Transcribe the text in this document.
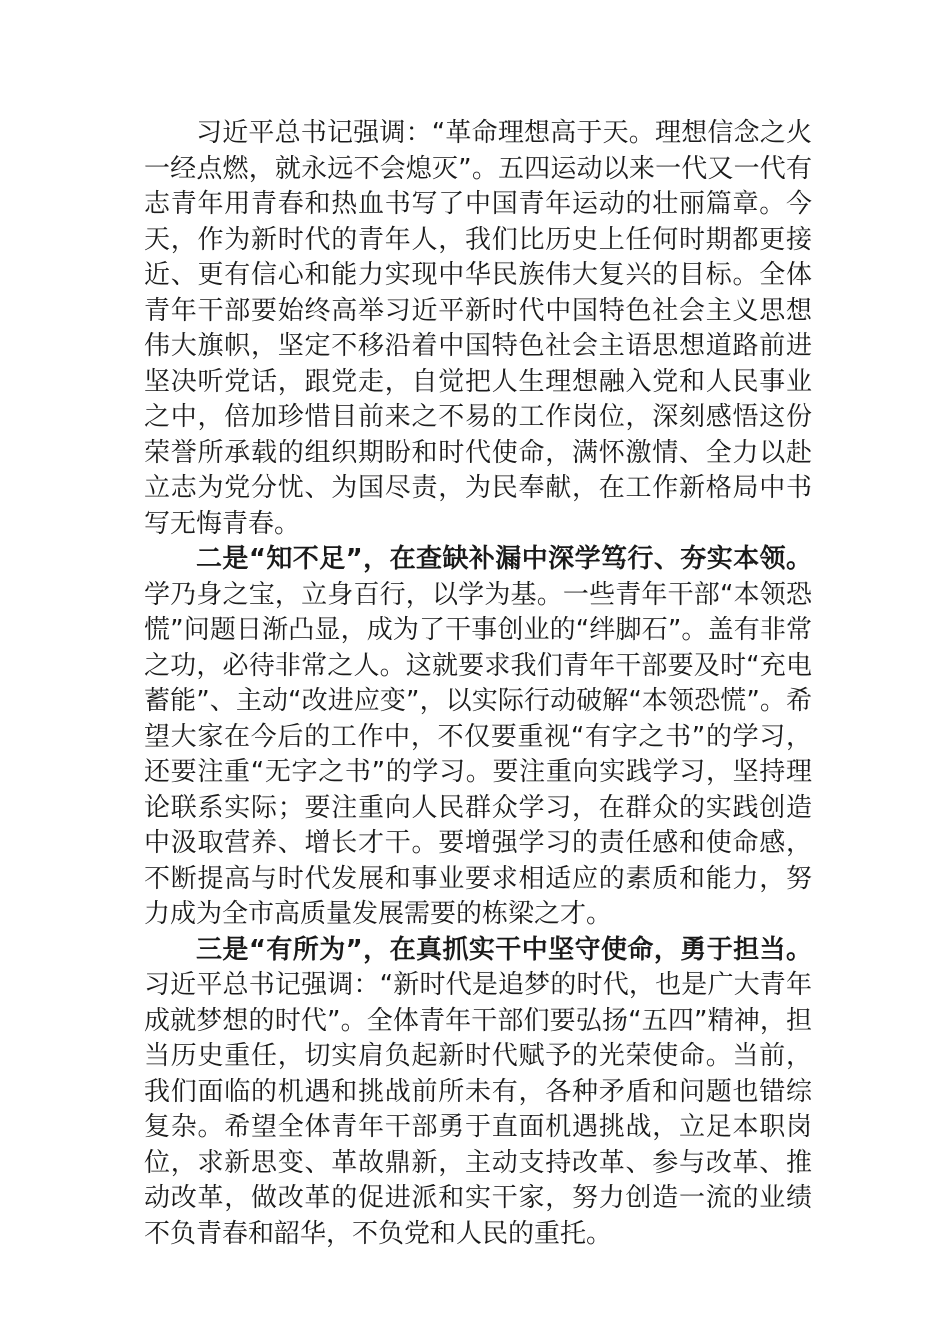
习近平总书记强调：“革命理想高于天。理想信念之火一经点燃，就永远不会熄灭”。五四运动以来一代又一代有志青年用青春和热血书写了中国青年运动的壮丽篇章。今天，作为新时代的青年人，我们比历史上任何时期都更接近、更有信心和能力实现中华民族伟大复兴的目标。全体青年干部要始终高举习近平新时代中国特色社会主义思想伟大旗帜，坚定不移沿着中国特色社会主语思想道路前进坚决听党话，跟党走，自觉把人生理想融入党和人民事业之中，倍加珍惜目前来之不易的工作岗位，深刻感悟这份荣誉所承载的组织期盼和时代使命，满怀激情、全力以赴立志为党分忧、为国尽责，为民奉献，在工作新格局中书写无悔青春。

二是“知不足”，在查缺补漏中深学笃行、夯实本领。学乃身之宝，立身百行，以学为基。一些青年干部“本领恐慌”问题日渐凸显，成为了干事创业的“绊脚石”。盖有非常之功，必待非常之人。这就要求我们青年干部要及时“充电蓄能”、主动“改进应变”，以实际行动破解“本领恐慌”。希望大家在今后的工作中，不仅要重视“有字之书”的学习，还要注重“无字之书”的学习。要注重向实践学习，坚持理论联系实际；要注重向人民群众学习，在群众的实践创造中汲取营养、增长才干。要增强学习的责任感和使命感，不断提高与时代发展和事业要求相适应的素质和能力，努力成为全市高质量发展需要的栋梁之才。

三是“有所为”，在真抓实干中坚守使命，勇于担当。习近平总书记强调：“新时代是追梦的时代，也是广大青年成就梦想的时代”。全体青年干部们要弘扬“五四”精神，担当历史重任，切实肩负起新时代赋予的光荣使命。当前，我们面临的机遇和挑战前所未有，各种矛盾和问题也错综复杂。希望全体青年干部勇于直面机遇挑战，立足本职岗位，求新思变、革故鼎新，主动支持改革、参与改革、推动改革，做改革的促进派和实干家，努力创造一流的业绩不负青春和韶华，不负党和人民的重托。
